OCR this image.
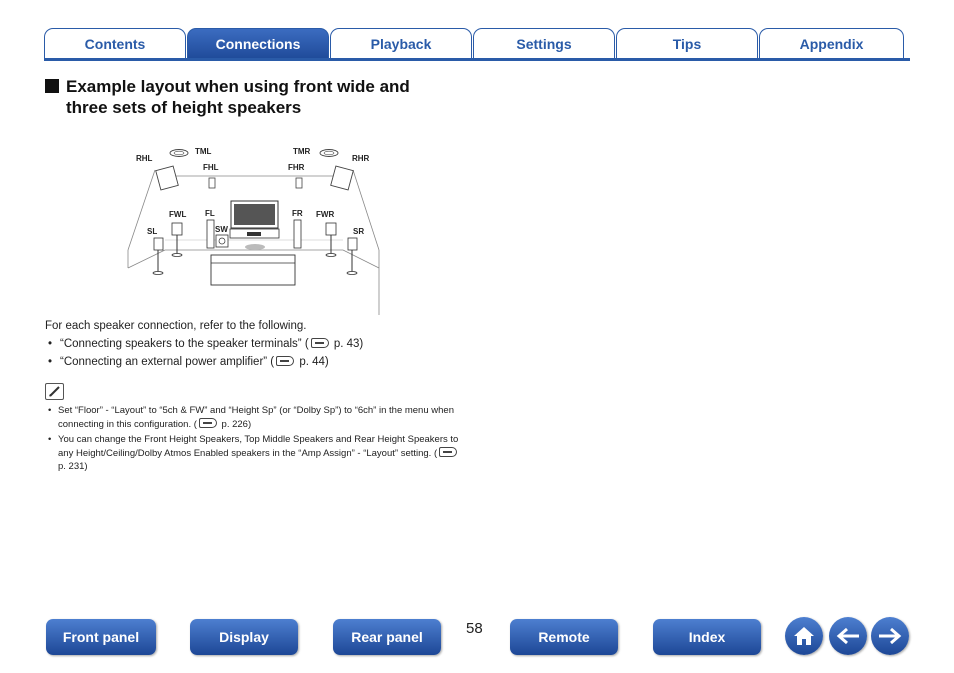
Contents	Connections	Playback	Settings	Tips	Appendix
Example layout when using front wide and
three sets of height speakers
RHL
TML
FHL
TMR
FHR
RHR
FWL FL	FR FWR
SL	SR
SW
For each speaker connection, refer to the following.
• “Connecting speakers to the speaker terminals” ( p. 43)
• “Connecting an external power amplifier” ( p. 44)
• Set “Floor” - “Layout” to “5ch & FW” and “Height Sp” (or “Dolby Sp”) to “6ch” in the menu when connecting in this configuration. ( p. 226)
• You can change the Front Height Speakers, Top Middle Speakers and Rear Height Speakers to any Height/Ceiling/Dolby Atmos Enabled speakers in the “Amp Assign” - “Layout” setting. ( p. 231)
Front panel	Display	Rear panel	58	Remote	Index
